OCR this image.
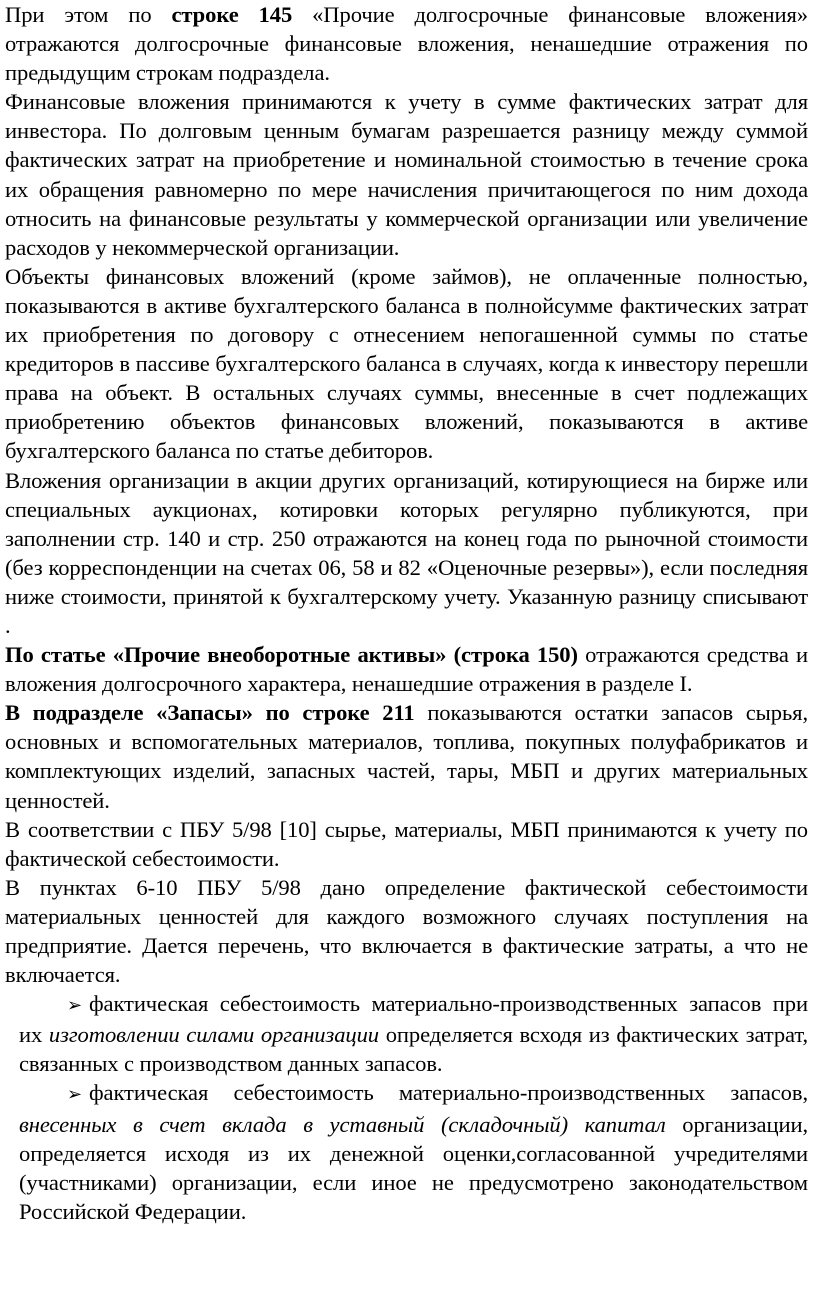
При этом по строке 145 «Прочие долгосрочные финансовые вложения» отражаются долгосрочные финансовые вложения, ненашедшие отражения по предыдущим строкам подраздела.

Финансовые вложения принимаются к учету в сумме фактических затрат для инвестора. По долговым ценным бумагам разрешается разницу между суммой фактических затрат на приобретение и номинальной стоимостью в течение срока их обращения равномерно по мере начисления причитающегося по ним дохода относить на финансовые результаты у коммерческой организации или увеличение расходов у некоммерческой организации.

Объекты финансовых вложений (кроме займов), не оплаченные полностью, показываются в активе бухгалтерского баланса в полнойсумме фактических затрат их приобретения по договору с отнесением непогашенной суммы по статье кредиторов в пассиве бухгалтерского баланса в случаях, когда к инвестору перешли права на объект. В остальных случаях суммы, внесенные в счет подлежащих приобретению объектов финансовых вложений, показываются в активе бухгалтерского баланса по статье дебиторов.

Вложения организации в акции других организаций, котирующиеся на бирже или специальных аукционах, котировки которых регулярно публикуются, при заполнении стр. 140 и стр. 250 отражаются на конец года по рыночной стоимости (без корреспонденции на счетах 06, 58 и 82 «Оценочные резервы»), если последняя ниже стоимости, принятой к бухгалтерскому учету. Указанную разницу списывают .

По статье «Прочие внеоборотные активы» (строка 150) отражаются средства и вложения долгосрочного характера, ненашедшие отражения в разделе I.

В подразделе «Запасы» по строке 211 показываются остатки запасов сырья, основных и вспомогательных материалов, топлива, покупных полуфабрикатов и комплектующих изделий, запасных частей, тары, МБП и других материальных ценностей.

В соответствии с ПБУ 5/98 [10] сырье, материалы, МБП принимаются к учету по фактической себестоимости.

В пунктах 6-10 ПБУ 5/98 дано определение фактической себестоимости материальных ценностей для каждого возможного случаях поступления на предприятие. Дается перечень, что включается в фактические затраты, а что не включается.

➢ фактическая себестоимость материально-производственных запасов при их изготовлении силами организации определяется всходя из фактических затрат, связанных с производством данных запасов.

➢ фактическая себестоимость материально-производственных запасов, внесенных в счет вклада в уставный (складочный) капитал организации, определяется исходя из их денежной оценки,согласованной учредителями (участниками) организации, если иное не предусмотрено законодательством Российской Федерации.
